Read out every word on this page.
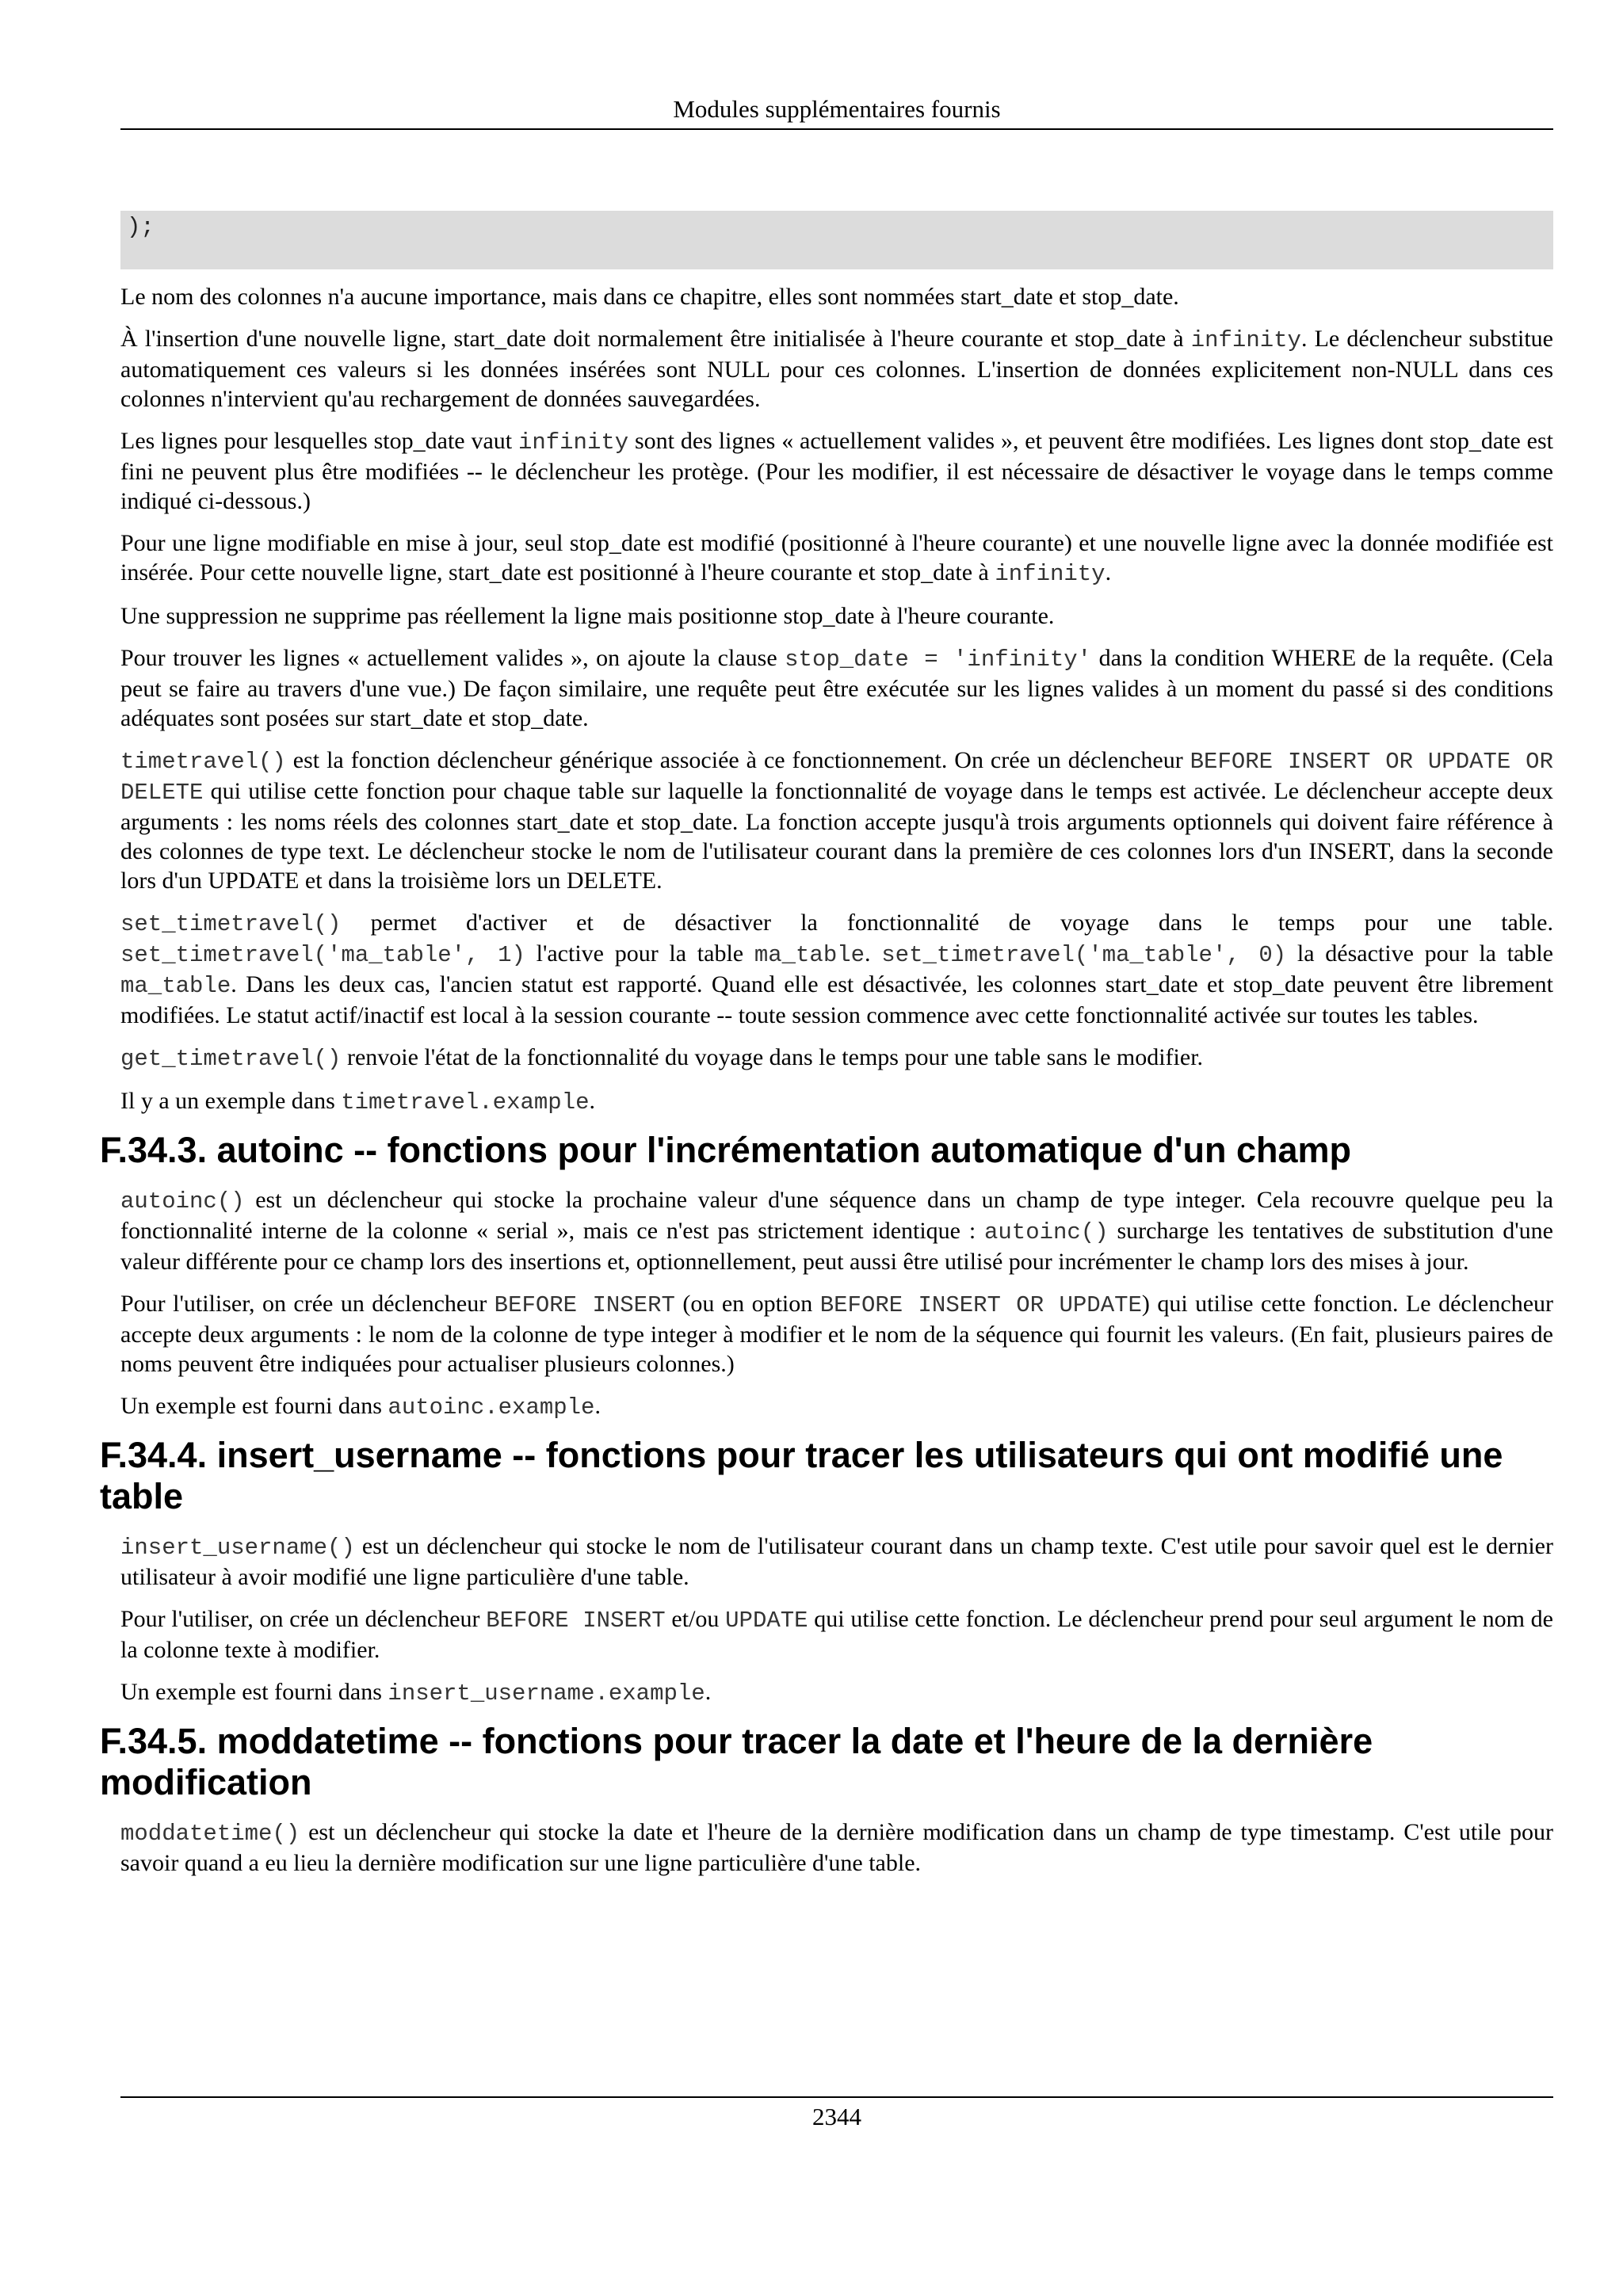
Modules supplémentaires fournis
);

Le nom des colonnes n'a aucune importance, mais dans ce chapitre, elles sont nommées start_date et stop_date.

À l'insertion d'une nouvelle ligne, start_date doit normalement être initialisée à l'heure courante et stop_date à infinity. Le déclencheur substitue automatiquement ces valeurs si les données insérées sont NULL pour ces colonnes. L'insertion de données explicitement non-NULL dans ces colonnes n'intervient qu'au rechargement de données sauvegardées.

Les lignes pour lesquelles stop_date vaut infinity sont des lignes « actuellement valides », et peuvent être modifiées. Les lignes dont stop_date est fini ne peuvent plus être modifiées -- le déclencheur les protège. (Pour les modifier, il est nécessaire de désactiver le voyage dans le temps comme indiqué ci-dessous.)

Pour une ligne modifiable en mise à jour, seul stop_date est modifié (positionné à l'heure courante) et une nouvelle ligne avec la donnée modifiée est insérée. Pour cette nouvelle ligne, start_date est positionné à l'heure courante et stop_date à infinity.

Une suppression ne supprime pas réellement la ligne mais positionne stop_date à l'heure courante.

Pour trouver les lignes « actuellement valides », on ajoute la clause stop_date = 'infinity' dans la condition WHERE de la requête. (Cela peut se faire au travers d'une vue.) De façon similaire, une requête peut être exécutée sur les lignes valides à un moment du passé si des conditions adéquates sont posées sur start_date et stop_date.

timetravel() est la fonction déclencheur générique associée à ce fonctionnement. On crée un déclencheur BEFORE INSERT OR UPDATE OR DELETE qui utilise cette fonction pour chaque table sur laquelle la fonctionnalité de voyage dans le temps est activée. Le déclencheur accepte deux arguments : les noms réels des colonnes start_date et stop_date. La fonction accepte jusqu'à trois arguments optionnels qui doivent faire référence à des colonnes de type text. Le déclencheur stocke le nom de l'utilisateur courant dans la première de ces colonnes lors d'un INSERT, dans la seconde lors d'un UPDATE et dans la troisième lors un DELETE.

set_timetravel() permet d'activer et de désactiver la fonctionnalité de voyage dans le temps pour une table. set_timetravel('ma_table', 1) l'active pour la table ma_table. set_timetravel('ma_table', 0) la désactive pour la table ma_table. Dans les deux cas, l'ancien statut est rapporté. Quand elle est désactivée, les colonnes start_date et stop_date peuvent être librement modifiées. Le statut actif/inactif est local à la session courante -- toute session commence avec cette fonctionnalité activée sur toutes les tables.

get_timetravel() renvoie l'état de la fonctionnalité du voyage dans le temps pour une table sans le modifier.

Il y a un exemple dans timetravel.example.

F.34.3. autoinc -- fonctions pour l'incrémentation automatique d'un champ

autoinc() est un déclencheur qui stocke la prochaine valeur d'une séquence dans un champ de type integer. Cela recouvre quelque peu la fonctionnalité interne de la colonne « serial », mais ce n'est pas strictement identique : autoinc() surcharge les tentatives de substitution d'une valeur différente pour ce champ lors des insertions et, optionnellement, peut aussi être utilisé pour incrémenter le champ lors des mises à jour.

Pour l'utiliser, on crée un déclencheur BEFORE INSERT (ou en option BEFORE INSERT OR UPDATE) qui utilise cette fonction. Le déclencheur accepte deux arguments : le nom de la colonne de type integer à modifier et le nom de la séquence qui fournit les valeurs. (En fait, plusieurs paires de noms peuvent être indiquées pour actualiser plusieurs colonnes.)

Un exemple est fourni dans autoinc.example.

F.34.4. insert_username -- fonctions pour tracer les utilisateurs qui ont modifié une table

insert_username() est un déclencheur qui stocke le nom de l'utilisateur courant dans un champ texte. C'est utile pour savoir quel est le dernier utilisateur à avoir modifié une ligne particulière d'une table.

Pour l'utiliser, on crée un déclencheur BEFORE INSERT et/ou UPDATE qui utilise cette fonction. Le déclencheur prend pour seul argument le nom de la colonne texte à modifier.

Un exemple est fourni dans insert_username.example.

F.34.5. moddatetime -- fonctions pour tracer la date et l'heure de la dernière modification

moddatetime() est un déclencheur qui stocke la date et l'heure de la dernière modification dans un champ de type timestamp. C'est utile pour savoir quand a eu lieu la dernière modification sur une ligne particulière d'une table.

2344
